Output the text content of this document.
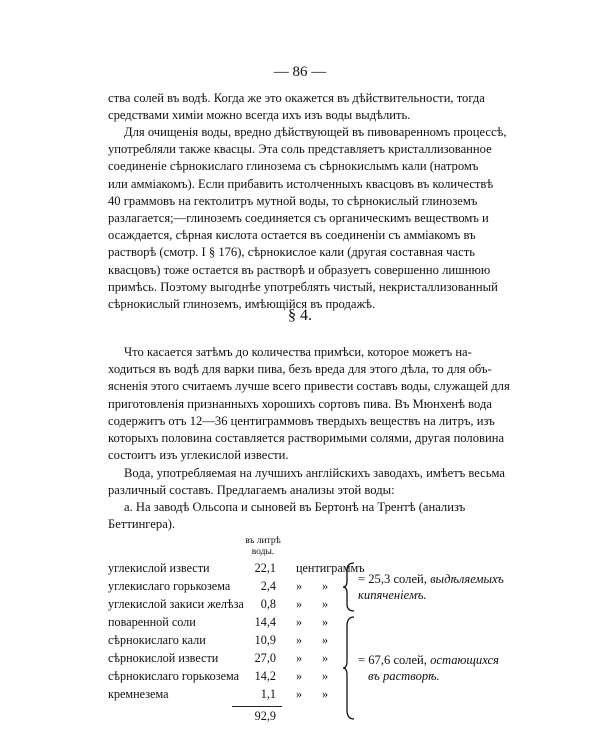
— 86 —
ства солей въ водѣ. Когда же это окажется въ дѣйствительности, тогда
средствами химіи можно всегда ихъ изъ воды выдѣлить.
Для очищенія воды, вредно дѣйствующей въ пивоваренномъ процессѣ,
употребляли также квасцы. Эта соль представляетъ кристаллизованное
соединеніе сѣрнокислаго глинозема съ сѣрнокислымъ кали (натромъ
или амміакомъ). Если прибавить истолченныхъ квасцовъ въ количествѣ
40 граммовъ на гектолитръ мутной воды, то сѣрнокислый глиноземъ
разлагается;—глиноземъ соединяется съ органическимъ веществомъ и
осаждается, сѣрная кислота остается въ соединеніи съ амміакомъ въ
растворѣ (смотр. I § 176), сѣрнокислое кали (другая составная часть
квасцовъ) тоже остается въ растворѣ и образуетъ совершенно лишнюю
примѣсь. Поэтому выгоднѣе употреблять чистый, некристаллизованный
сѣрнокислый глиноземъ, имѣющійся въ продажѣ.
§ 4.
Что касается затѣмъ до количества примѣси, которое можетъ на-
ходиться въ водѣ для варки пива, безъ вреда для этого дѣла, то для объ-
ясненія этого считаемъ лучше всего привести составъ воды, служащей для
приготовленія признанныхъ хорошихъ сортовъ пива. Въ Мюнхенѣ вода
содержитъ отъ 12—36 центиграммовъ твердыхъ веществъ на литръ, изъ
которыхъ половина составляется растворимыми солями, другая половина
состоитъ изъ углекислой извести.
Вода, употребляемая на лучшихъ англійскихъ заводахъ, имѣетъ весьма
различный составъ. Предлагаемъ анализы этой воды:
а. На заводѣ Ольсопа и сыновей въ Бертонѣ на Трентѣ (анализъ
Беттингера).
въ литрѣ
воды.
углекислой извести	22,1 центиграммъ
углекислаго горькозема	2,4 » »
углекислой закиси желѣза	0,8 » »
поваренной соли	14,4 » »
сѣрнокислаго кали	10,9 » »
сѣрнокислой извести	27,0 » »
сѣрнокислаго горькозема	14,2 » »
кремнезема	1,1 » »
92,9
= 25,3 солей, выдѣляемыхъ
кипяченіемъ.
= 67,6 солей, остающихся
въ растворѣ.
